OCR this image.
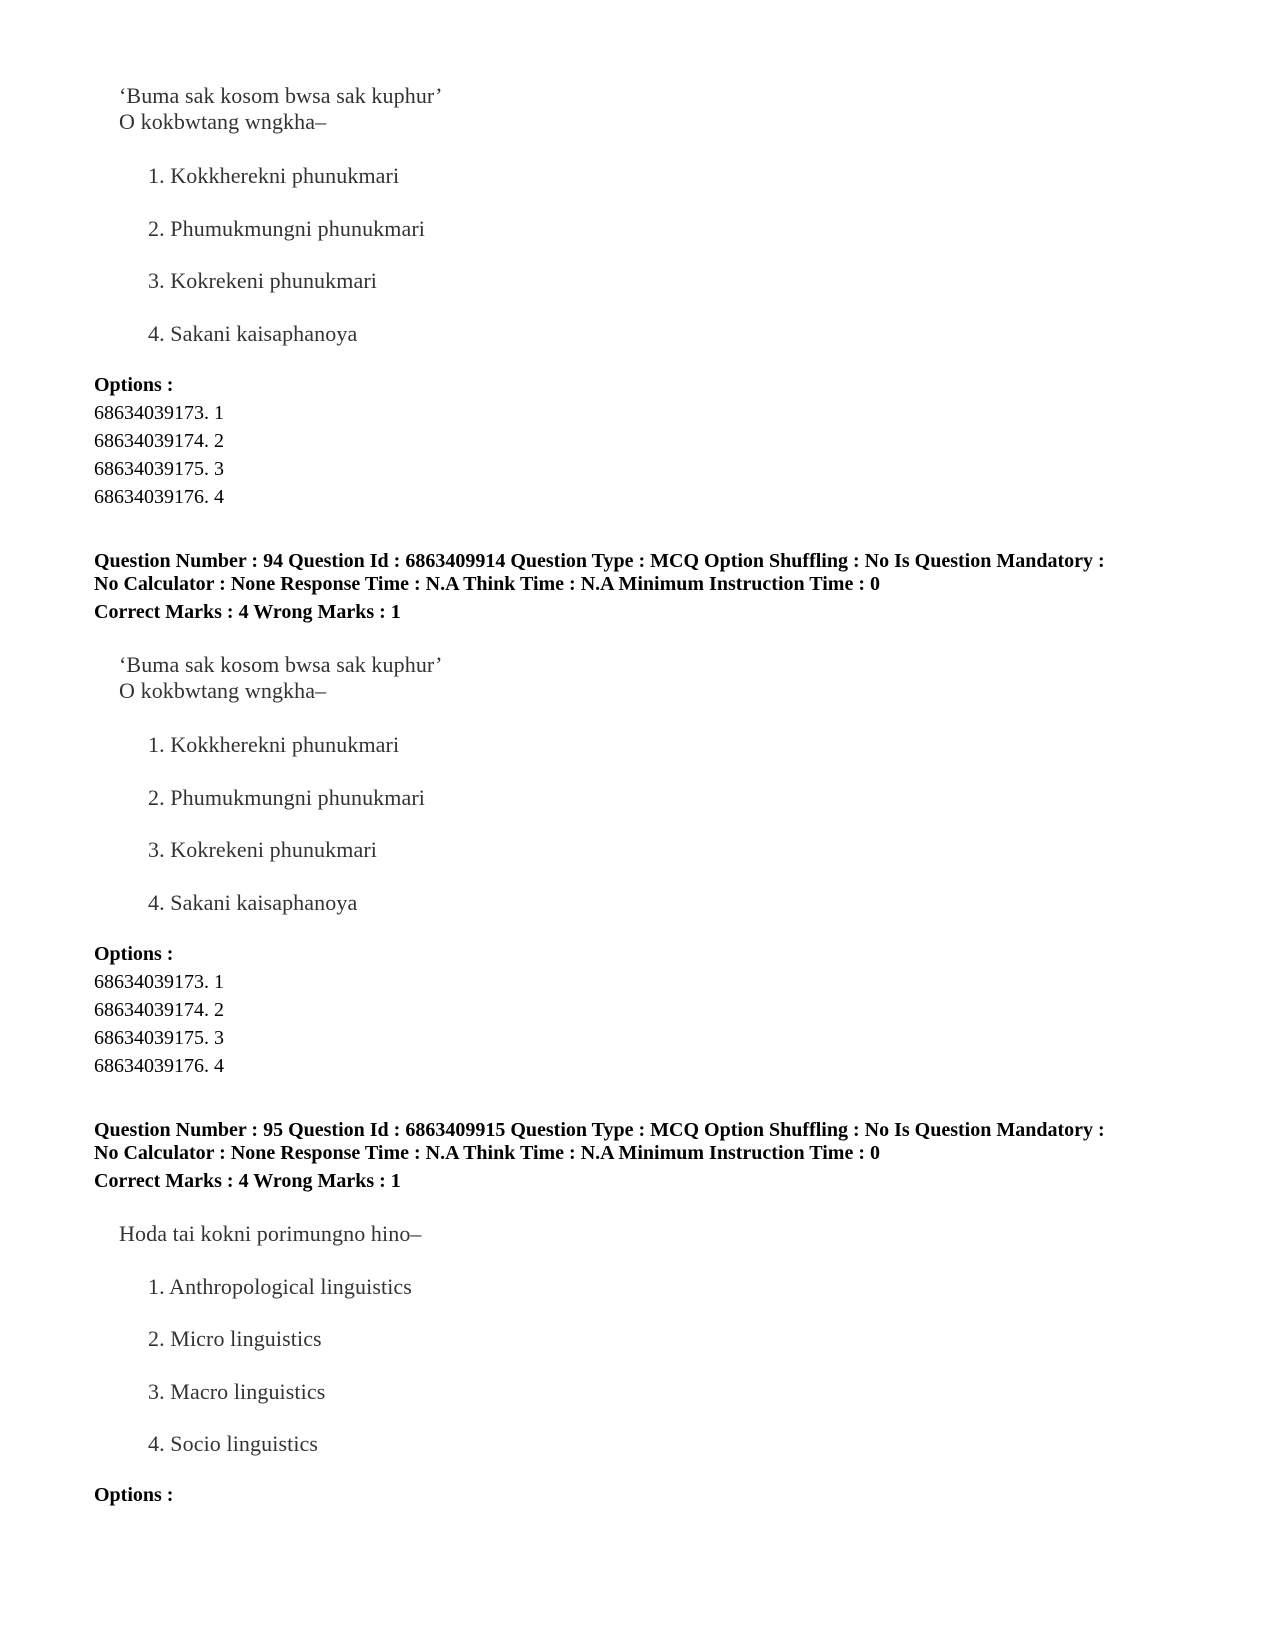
‘Buma sak kosom bwsa sak kuphur’
O kokbwtang wngkha–
1. Kokkherekni phunukmari
2. Phumukmungni phunukmari
3. Kokrekeni phunukmari
4. Sakani kaisaphanoya
Options :
68634039173. 1
68634039174. 2
68634039175. 3
68634039176. 4
Question Number : 94 Question Id : 6863409914 Question Type : MCQ Option Shuffling : No Is Question Mandatory :
No Calculator : None Response Time : N.A Think Time : N.A Minimum Instruction Time : 0
Correct Marks : 4 Wrong Marks : 1
‘Buma sak kosom bwsa sak kuphur’
O kokbwtang wngkha–
1. Kokkherekni phunukmari
2. Phumukmungni phunukmari
3. Kokrekeni phunukmari
4. Sakani kaisaphanoya
Options :
68634039173. 1
68634039174. 2
68634039175. 3
68634039176. 4
Question Number : 95 Question Id : 6863409915 Question Type : MCQ Option Shuffling : No Is Question Mandatory :
No Calculator : None Response Time : N.A Think Time : N.A Minimum Instruction Time : 0
Correct Marks : 4 Wrong Marks : 1
Hoda tai kokni porimungno hino–
1. Anthropological linguistics
2. Micro linguistics
3. Macro linguistics
4. Socio linguistics
Options :
